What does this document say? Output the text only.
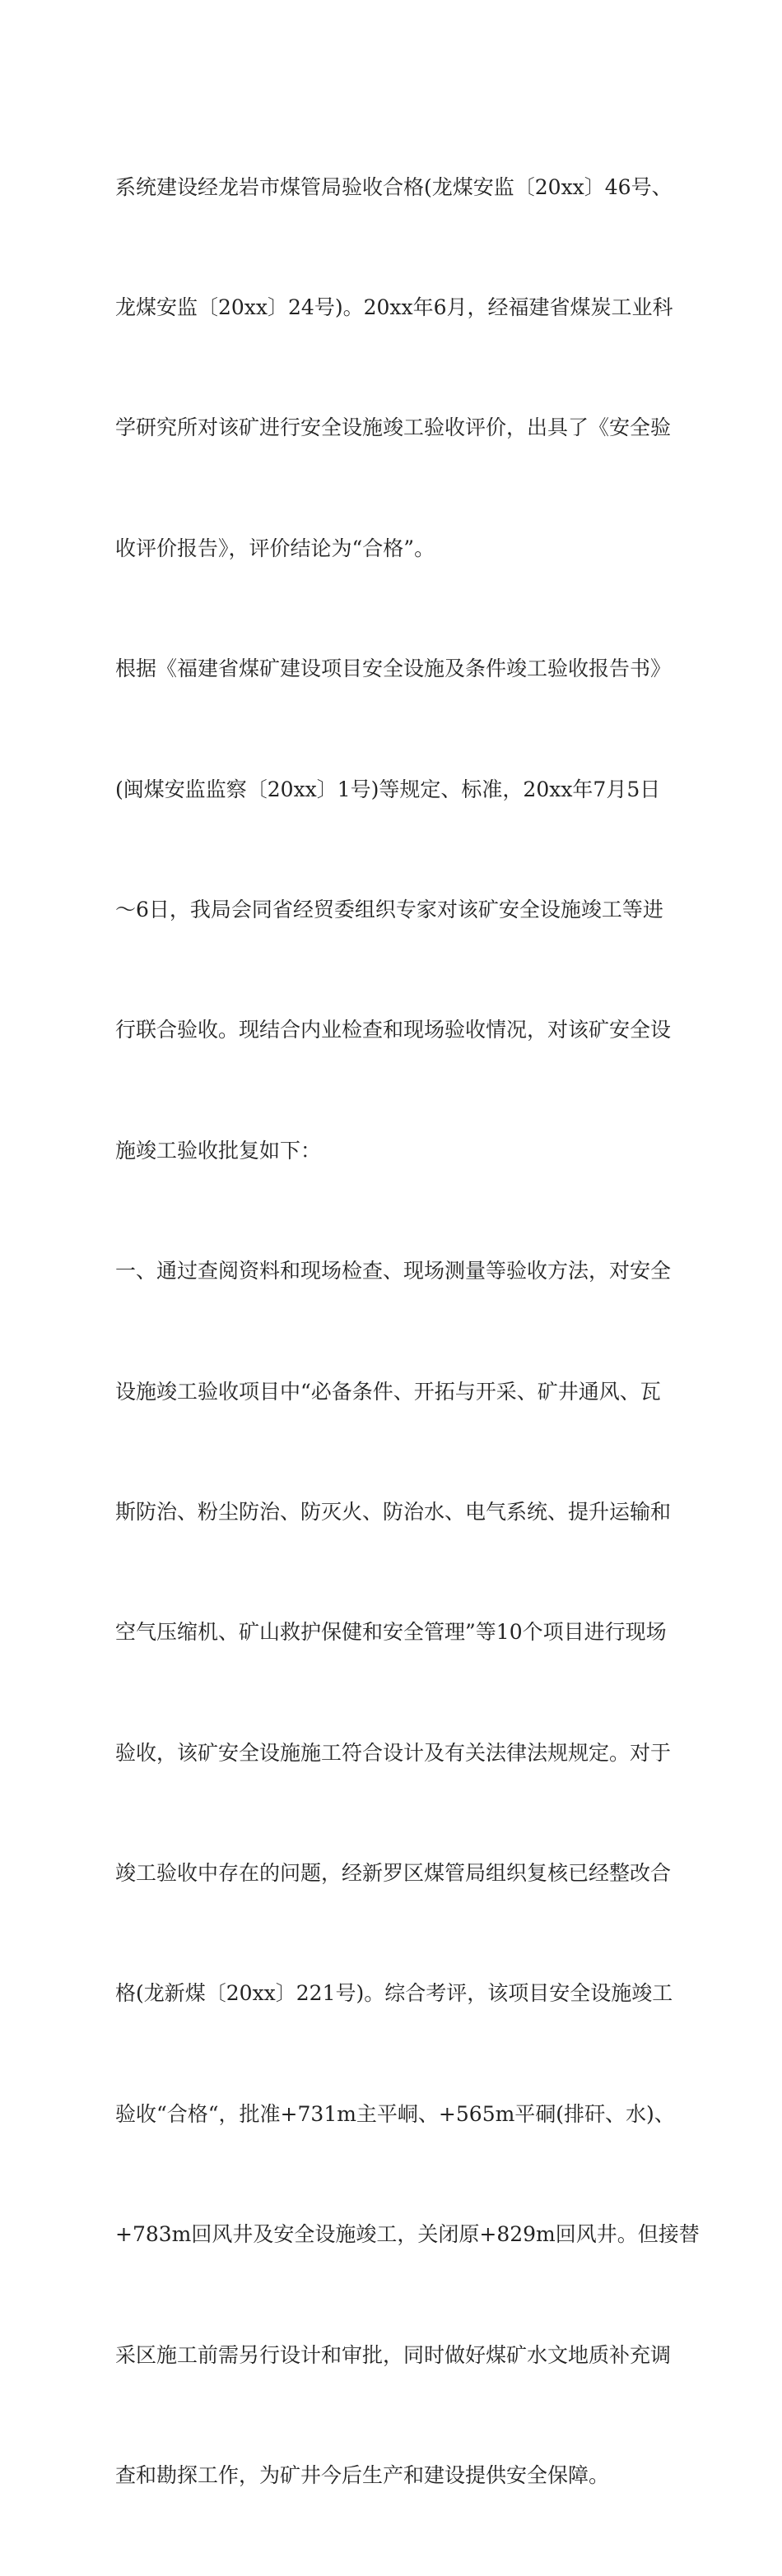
系统建设经龙岩市煤管局验收合格(龙煤安监〔20xx〕46号、

龙煤安监〔20xx〕24号)。20xx年6月，经福建省煤炭工业科

学研究所对该矿进行安全设施竣工验收评价，出具了《安全验

收评价报告》，评价结论为“合格”。

根据《福建省煤矿建设项目安全设施及条件竣工验收报告书》

(闽煤安监监察〔20xx〕1号)等规定、标准，20xx年7月5日

～6日，我局会同省经贸委组织专家对该矿安全设施竣工等进

行联合验收。现结合内业检查和现场验收情况，对该矿安全设

施竣工验收批复如下：

一、通过查阅资料和现场检查、现场测量等验收方法，对安全

设施竣工验收项目中“必备条件、开拓与开采、矿井通风、瓦

斯防治、粉尘防治、防灭火、防治水、电气系统、提升运输和

空气压缩机、矿山救护保健和安全管理”等10个项目进行现场

验收，该矿安全设施施工符合设计及有关法律法规规定。对于

竣工验收中存在的问题，经新罗区煤管局组织复核已经整改合

格(龙新煤〔20xx〕221号)。综合考评，该项目安全设施竣工

验收“合格“，批准+731m主平峒、+565m平硐(排矸、水)、

+783m回风井及安全设施竣工，关闭原+829m回风井。但接替

采区施工前需另行设计和审批，同时做好煤矿水文地质补充调

查和勘探工作，为矿井今后生产和建设提供安全保障。
